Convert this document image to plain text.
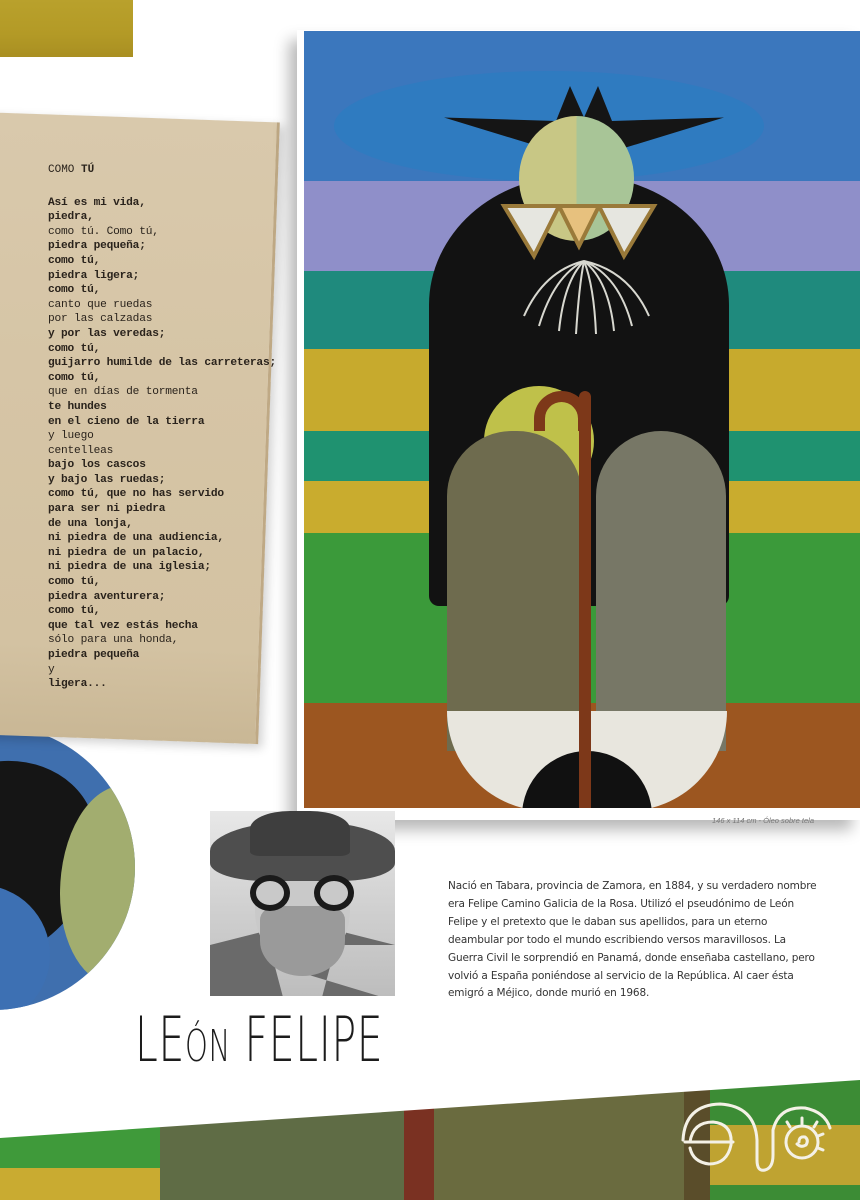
COMO TÚ
Así es mi vida,
piedra,
como tú. Como tú,
piedra pequeña;
como tú,
piedra ligera;
como tú,
canto que ruedas
por las calzadas
y por las veredas;
como tú,
guijarro humilde de las carreteras;
como tú,
que en días de tormenta
te hundes
en el cieno de la tierra
y luego
centelleas
bajo los cascos
y bajo las ruedas;
como tú, que no has servido
para ser ni piedra
de una lonja,
ni piedra de una audiencia,
ni piedra de un palacio,
ni piedra de una iglesia;
como tú,
piedra aventurera;
como tú,
que tal vez estás hecha
sólo para una honda,
piedra pequeña
y
ligera...
146 x 114 cm - Óleo sobre tela
LEÓN FELIPE
Nació en Tabara, provincia de Zamora, en 1884, y su verdadero nombre era Felipe Camino Galicia de la Rosa. Utilizó el pseudónimo de León Felipe y el pretexto que le daban sus apellidos, para un eterno deambular por todo el mundo escribiendo versos maravillosos. La Guerra Civil le sorprendió en Panamá, donde enseñaba castellano, pero volvió a España poniéndose al servicio de la República. Al caer ésta emigró a Méjico, donde murió en 1968.
